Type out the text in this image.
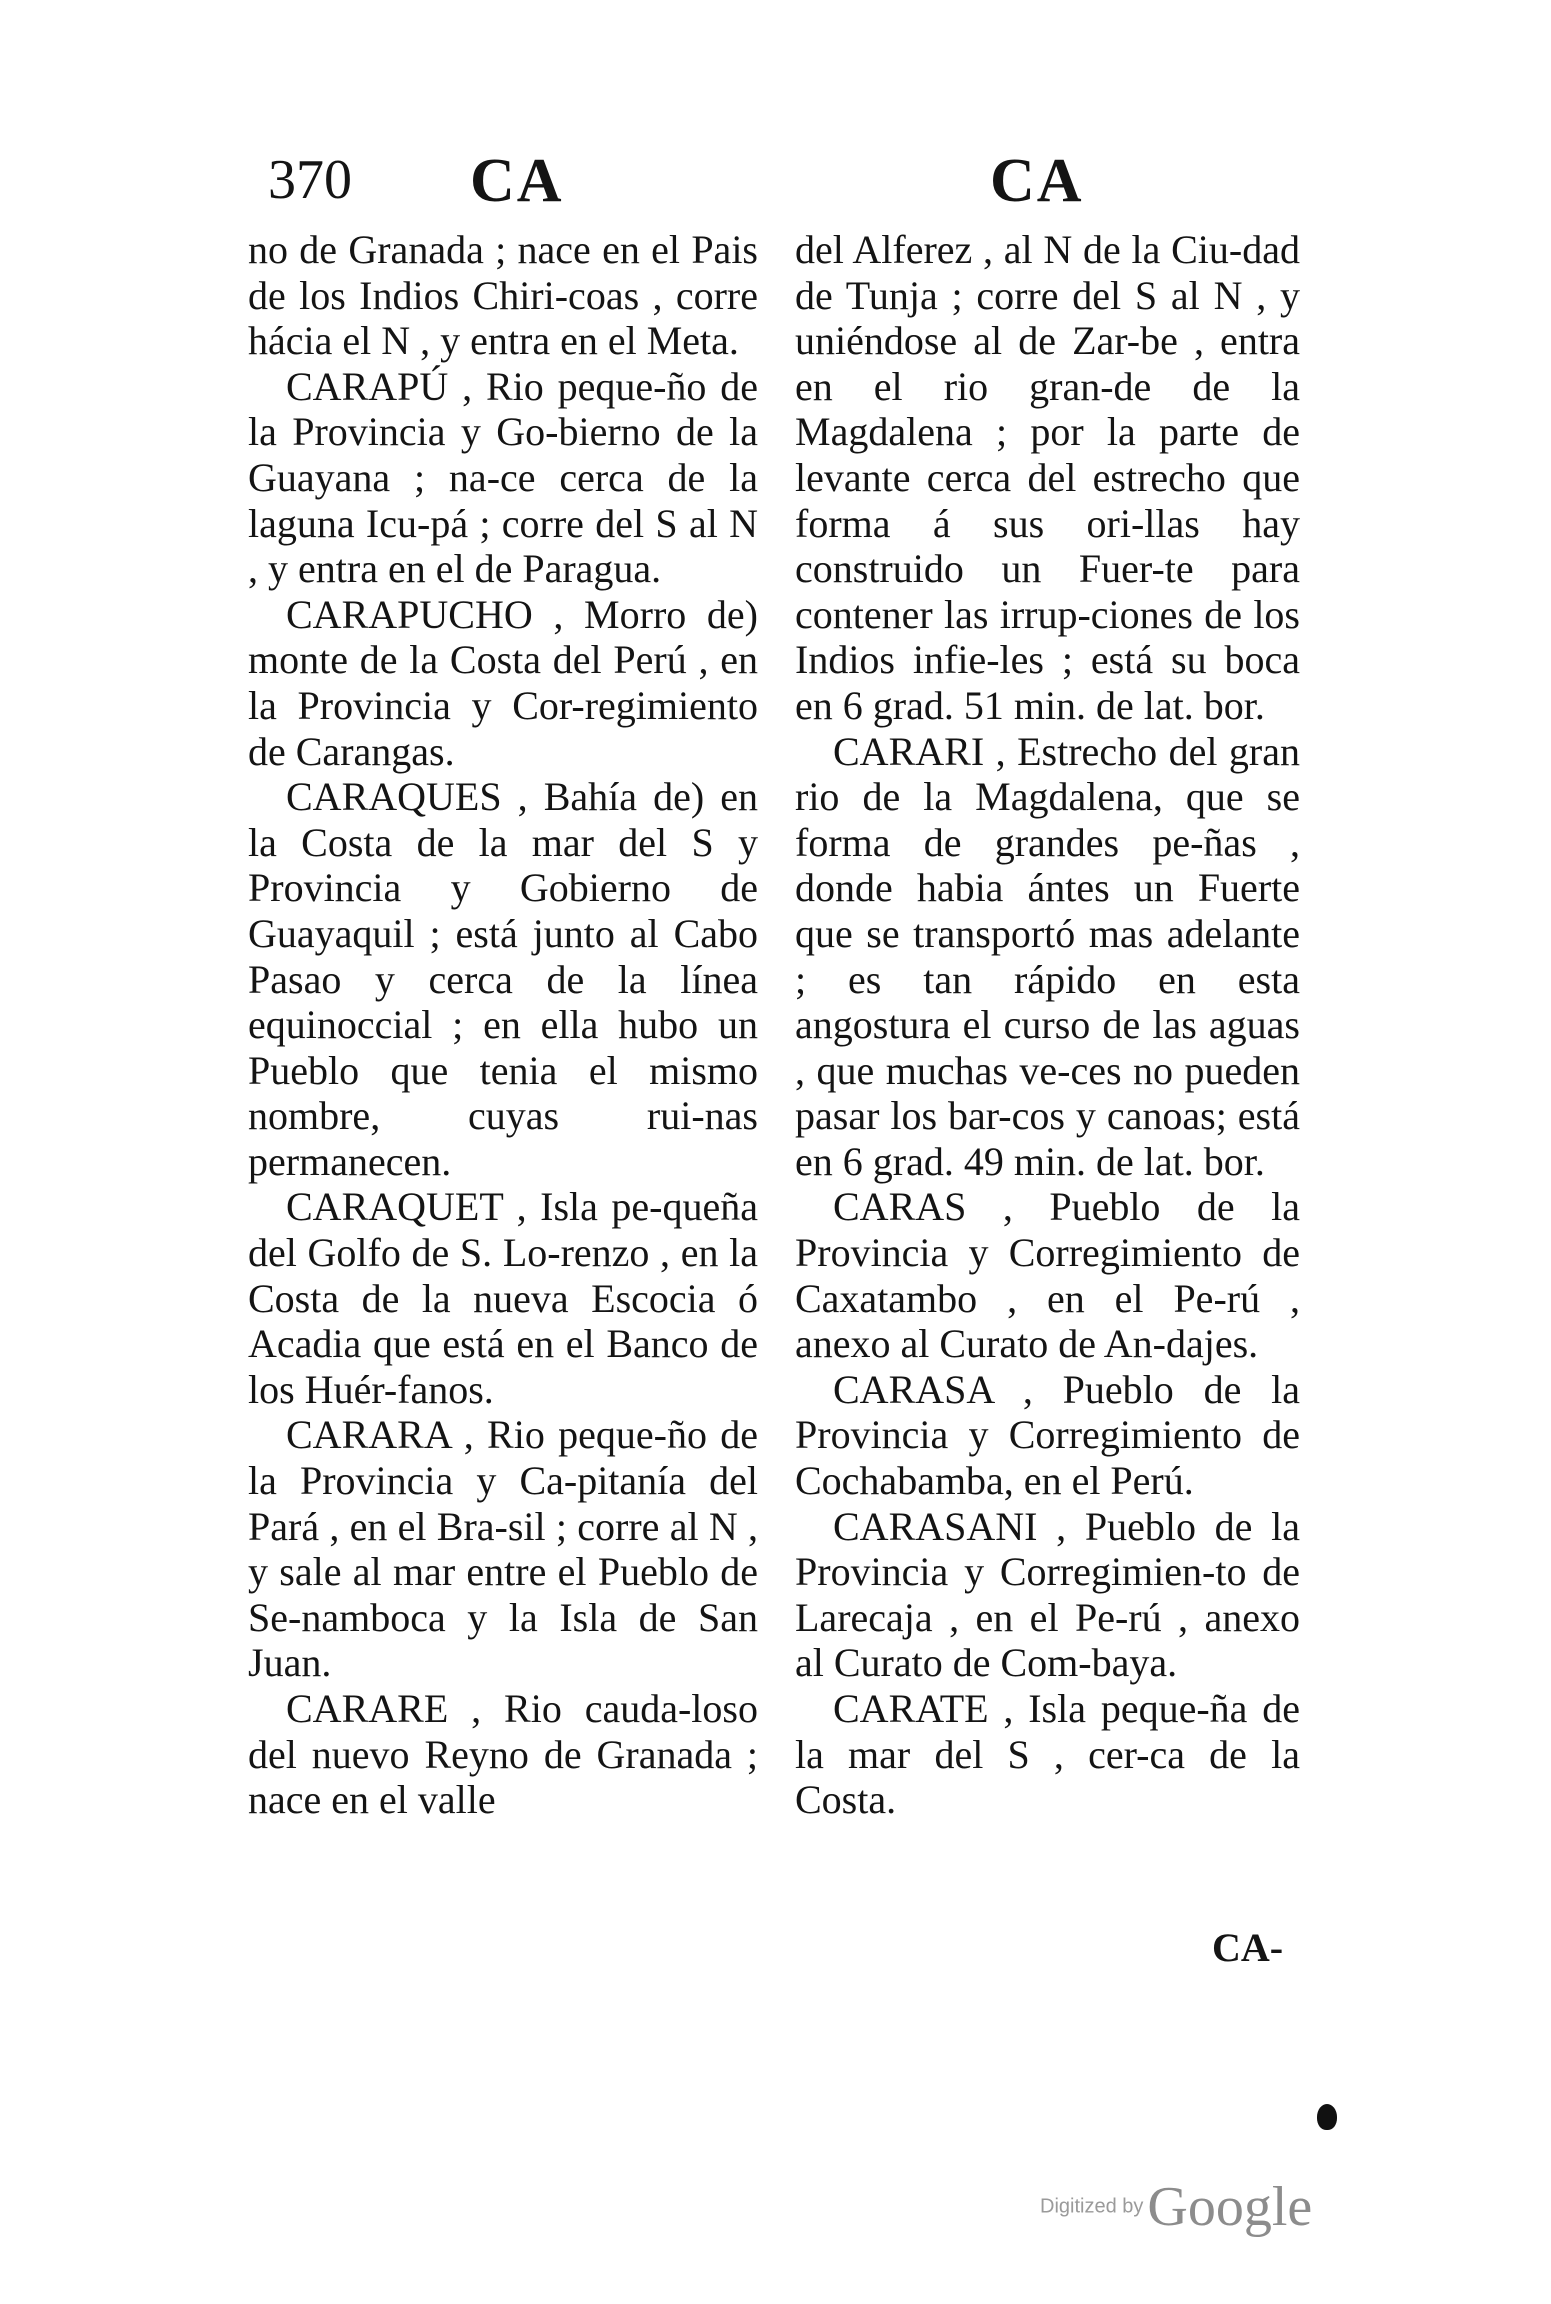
370 CA	CA

no de Granada ; nace en el Pais de los Indios Chiri-coas , corre hácia el N , y entra en el Meta.

CARAPÚ , Rio peque-ño de la Provincia y Go-bierno de la Guayana ; na-ce cerca de la laguna Icu-pá ; corre del S al N , y entra en el de Paragua.

CARAPUCHO , Morro de) monte de la Costa del Perú , en la Provincia y Cor-regimiento de Carangas.

CARAQUES , Bahía de) en la Costa de la mar del S y Provincia y Gobierno de Guayaquil ; está junto al Cabo Pasao y cerca de la línea equinoccial ; en ella hubo un Pueblo que tenia el mismo nombre, cuyas rui-nas permanecen.

CARAQUET , Isla pe-queña del Golfo de S. Lo-renzo , en la Costa de la nueva Escocia ó Acadia que está en el Banco de los Huér-fanos.

CARARA , Rio peque-ño de la Provincia y Ca-pitanía del Pará , en el Bra-sil ; corre al N , y sale al mar entre el Pueblo de Se-namboca y la Isla de San Juan.

CARARE , Rio cauda-loso del nuevo Reyno de Granada ; nace en el valle

del Alferez , al N de la Ciu-dad de Tunja ; corre del S al N , y uniéndose al de Zar-be , entra en el rio gran-de de la Magdalena ; por la parte de levante cerca del estrecho que forma á sus ori-llas hay construido un Fuer-te para contener las irrup-ciones de los Indios infie-les ; está su boca en 6 grad. 51 min. de lat. bor.

CARARI , Estrecho del gran rio de la Magdalena, que se forma de grandes pe-ñas , donde habia ántes un Fuerte que se transportó mas adelante ; es tan rápido en esta angostura el curso de las aguas , que muchas ve-ces no pueden pasar los bar-cos y canoas; está en 6 grad. 49 min. de lat. bor.

CARAS , Pueblo de la Provincia y Corregimiento de Caxatambo , en el Pe-rú , anexo al Curato de An-dajes.

CARASA , Pueblo de la Provincia y Corregimiento de Cochabamba, en el Perú.

CARASANI , Pueblo de la Provincia y Corregimien-to de Larecaja , en el Pe-rú , anexo al Curato de Com-baya.

CARATE , Isla peque-ña de la mar del S , cer-ca de la Costa.

CA-
Digitized by Google
